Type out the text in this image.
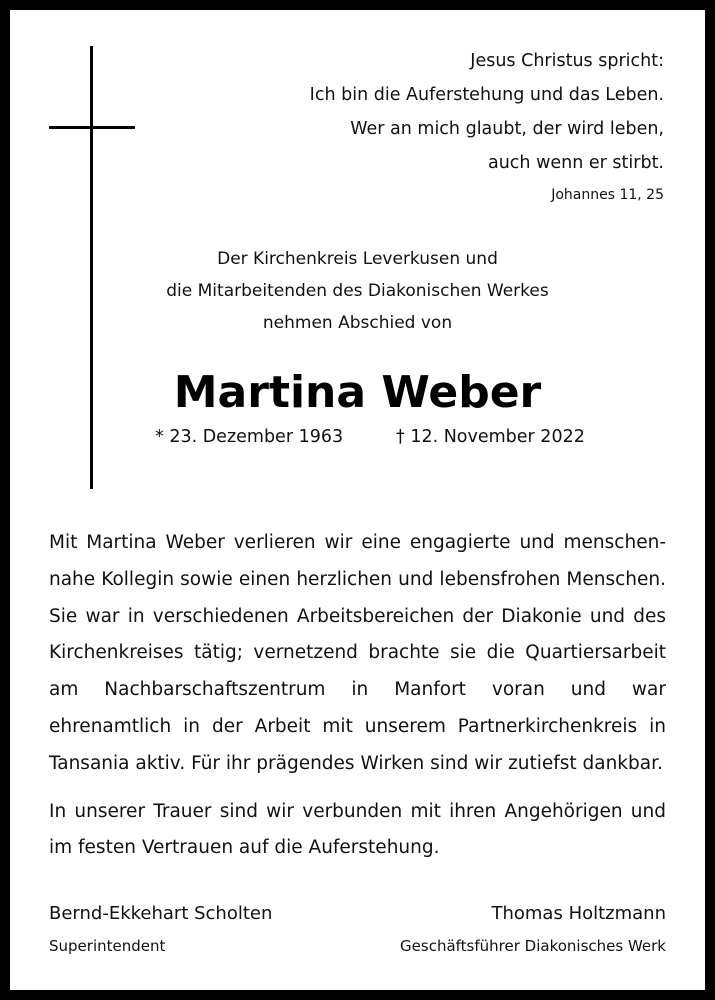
Jesus Christus spricht:
Ich bin die Auferstehung und das Leben.
Wer an mich glaubt, der wird leben,
auch wenn er stirbt.
Johannes 11, 25
Der Kirchenkreis Leverkusen und
die Mitarbeitenden des Diakonischen Werkes
nehmen Abschied von
Martina Weber
* 23. Dezember 1963	† 12. November 2022

Mit Martina Weber verlieren wir eine engagierte und menschennahe Kollegin sowie einen herzlichen und lebensfrohen Menschen. Sie war in verschiedenen Arbeitsbereichen der Diakonie und des Kirchenkreises tätig; vernetzend brachte sie die Quartiersarbeit am Nachbarschaftszentrum in Manfort voran und war ehrenamtlich in der Arbeit mit unserem Partnerkirchenkreis in Tansania aktiv. Für ihr prägendes Wirken sind wir zutiefst dankbar.

In unserer Trauer sind wir verbunden mit ihren Angehörigen und im festen Vertrauen auf die Auferstehung.

Bernd-Ekkehart Scholten
Superintendent
Thomas Holtzmann
Geschäftsführer Diakonisches Werk
